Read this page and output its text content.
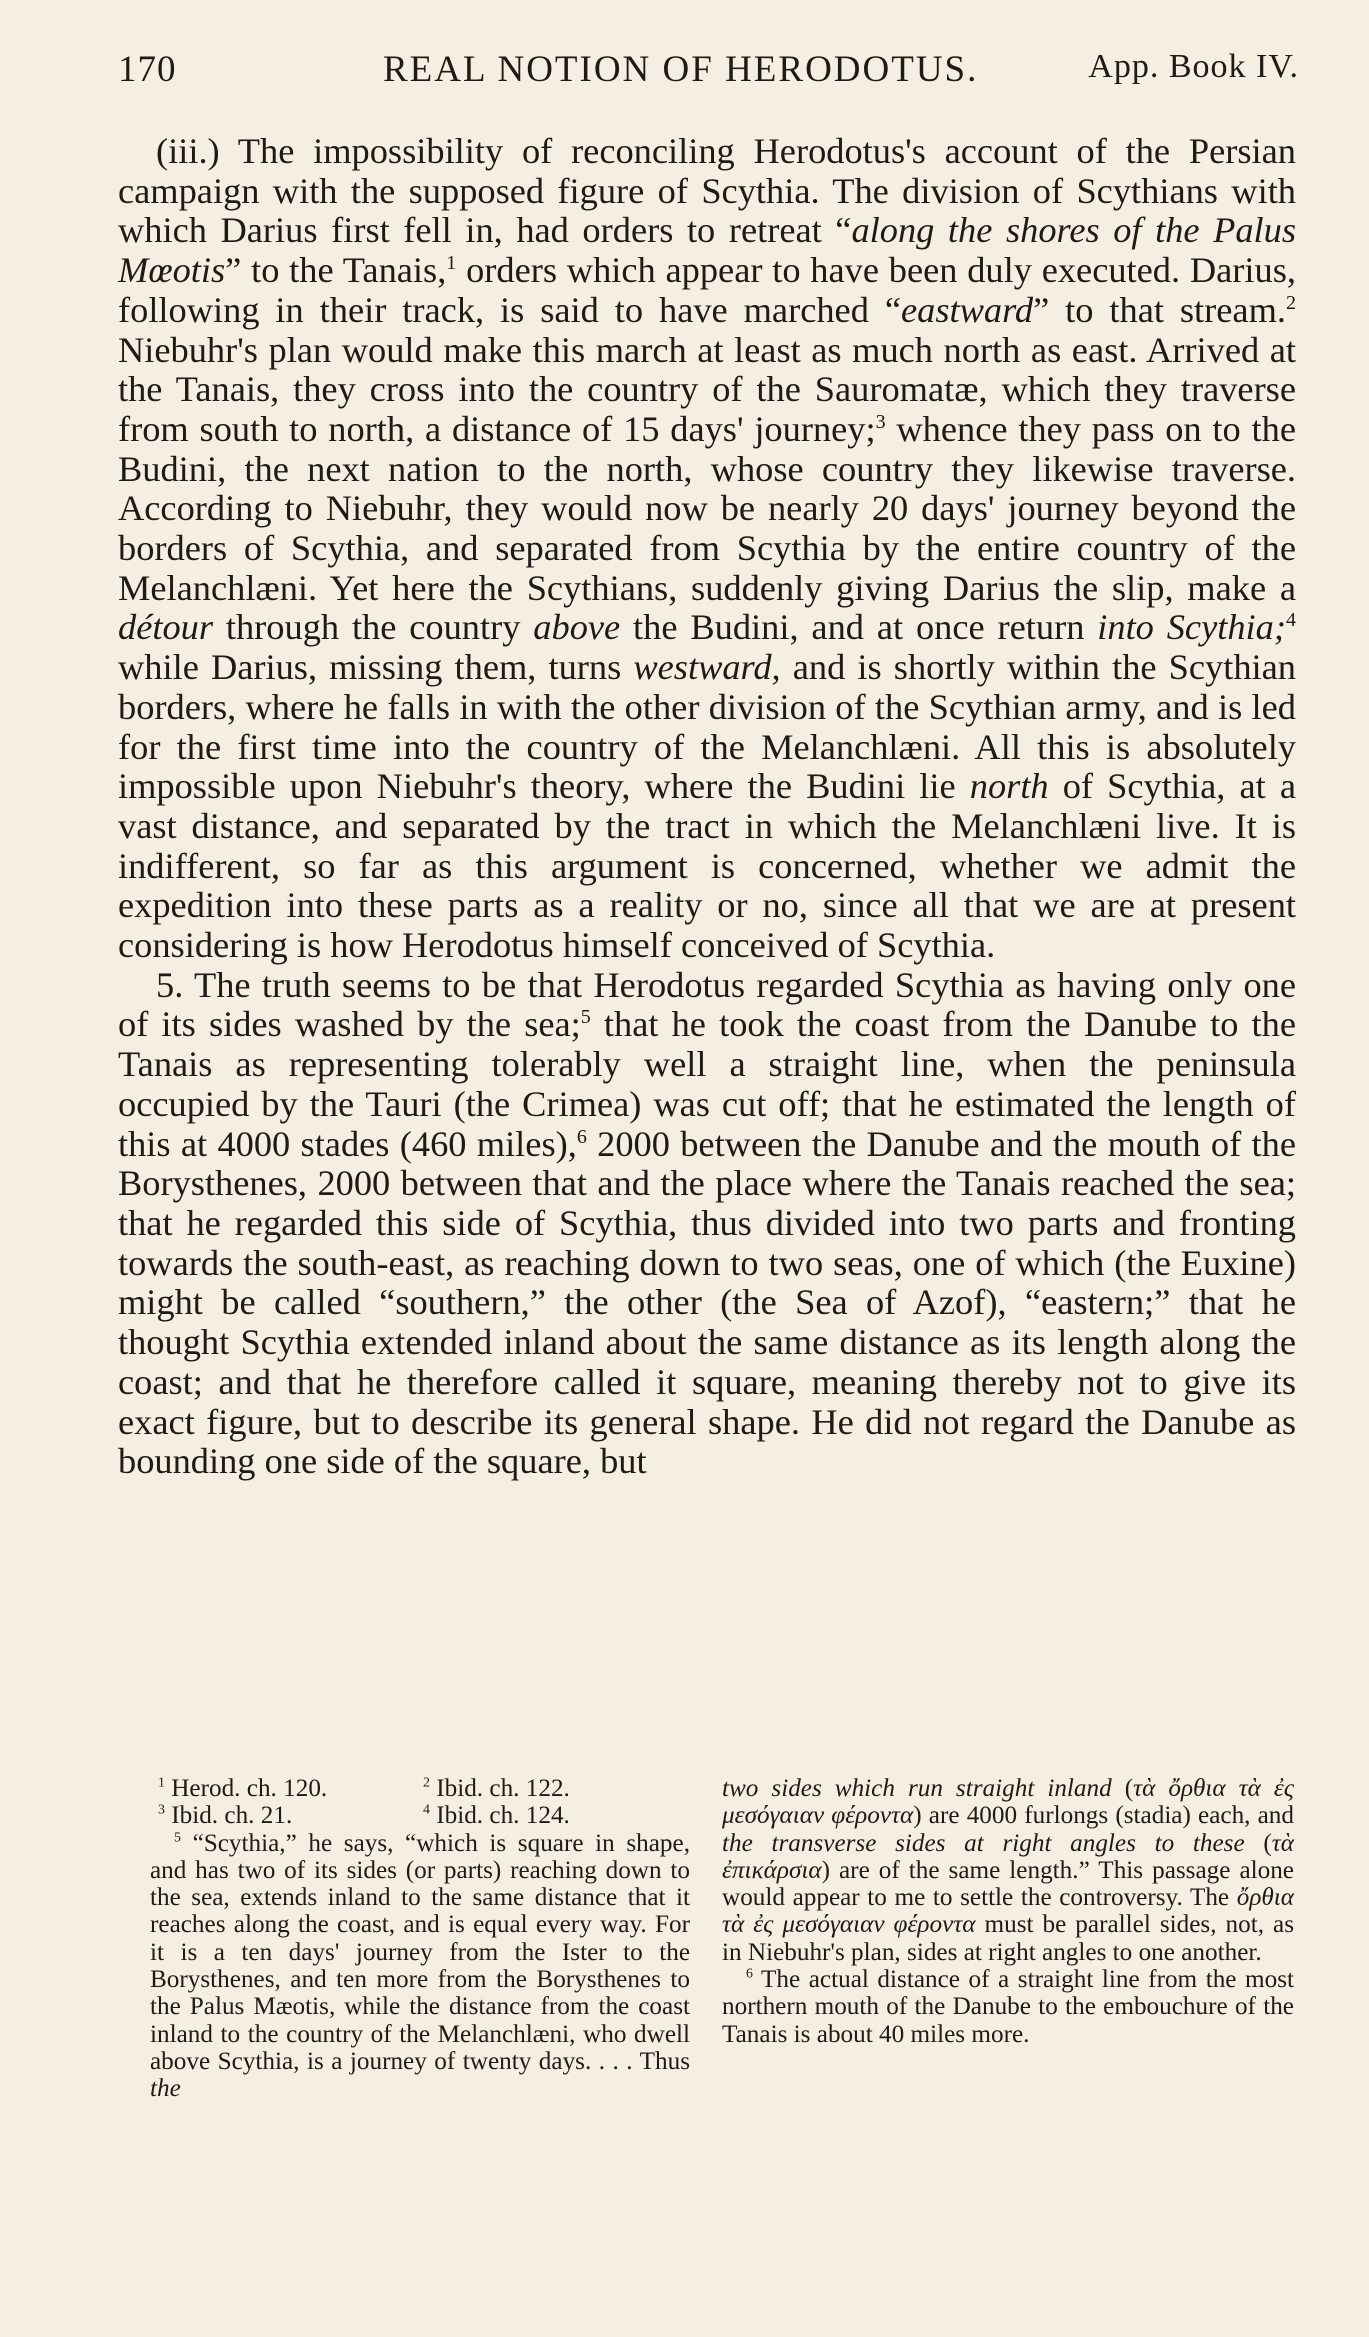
170	REAL NOTION OF HERODOTUS.	App. Book IV.

(iii.) The impossibility of reconciling Herodotus's account of the Persian campaign with the supposed figure of Scythia. The division of Scythians with which Darius first fell in, had orders to retreat “along the shores of the Palus Mœotis” to the Tanais,$^1$ orders which appear to have been duly executed. Darius, following in their track, is said to have marched “eastward” to that stream.$^2$ Niebuhr's plan would make this march at least as much north as east. Arrived at the Tanais, they cross into the country of the Sauromatæ, which they traverse from south to north, a distance of 15 days' journey;$^3$ whence they pass on to the Budini, the next nation to the north, whose country they likewise traverse. According to Niebuhr, they would now be nearly 20 days' journey beyond the borders of Scythia, and separated from Scythia by the entire country of the Melanchlæni. Yet here the Scythians, suddenly giving Darius the slip, make a détour through the country above the Budini, and at once return into Scythia;$^4$ while Darius, missing them, turns westward, and is shortly within the Scythian borders, where he falls in with the other division of the Scythian army, and is led for the first time into the country of the Melanchlæni. All this is absolutely impossible upon Niebuhr's theory, where the Budini lie north of Scythia, at a vast distance, and separated by the tract in which the Melanchlæni live. It is indifferent, so far as this argument is concerned, whether we admit the expedition into these parts as a reality or no, since all that we are at present considering is how Herodotus himself conceived of Scythia.

5. The truth seems to be that Herodotus regarded Scythia as having only one of its sides washed by the sea;$^5$ that he took the coast from the Danube to the Tanais as representing tolerably well a straight line, when the peninsula occupied by the Tauri (the Crimea) was cut off; that he estimated the length of this at 4000 stades (460 miles),$^6$ 2000 between the Danube and the mouth of the Borysthenes, 2000 between that and the place where the Tanais reached the sea; that he regarded this side of Scythia, thus divided into two parts and fronting towards the south-east, as reaching down to two seas, one of which (the Euxine) might be called “southern,” the other (the Sea of Azof), “eastern;” that he thought Scythia extended inland about the same distance as its length along the coast; and that he therefore called it square, meaning thereby not to give its exact figure, but to describe its general shape. He did not regard the Danube as bounding one side of the square, but

$^1$ Herod. ch. 120.	$^2$ Ibid. ch. 122.
$^3$ Ibid. ch. 21.	$^4$ Ibid. ch. 124.

$^5$ “Scythia,” he says, “which is square in shape, and has two of its sides (or parts) reaching down to the sea, extends inland to the same distance that it reaches along the coast, and is equal every way. For it is a ten days' journey from the Ister to the Borysthenes, and ten more from the Borysthenes to the Palus Mæotis, while the distance from the coast inland to the country of the Melanchlæni, who dwell above Scythia, is a journey of twenty days. . . . Thus the

two sides which run straight inland (τὰ ὄρθια τὰ ἐς μεσόγαιαν φέροντα) are 4000 furlongs (stadia) each, and the transverse sides at right angles to these (τὰ ἐπικάρσια) are of the same length.” This passage alone would appear to me to settle the controversy. The ὄρθια τὰ ἐς μεσόγαιαν φέροντα must be parallel sides, not, as in Niebuhr's plan, sides at right angles to one another.

$^6$ The actual distance of a straight line from the most northern mouth of the Danube to the embouchure of the Tanais is about 40 miles more.
